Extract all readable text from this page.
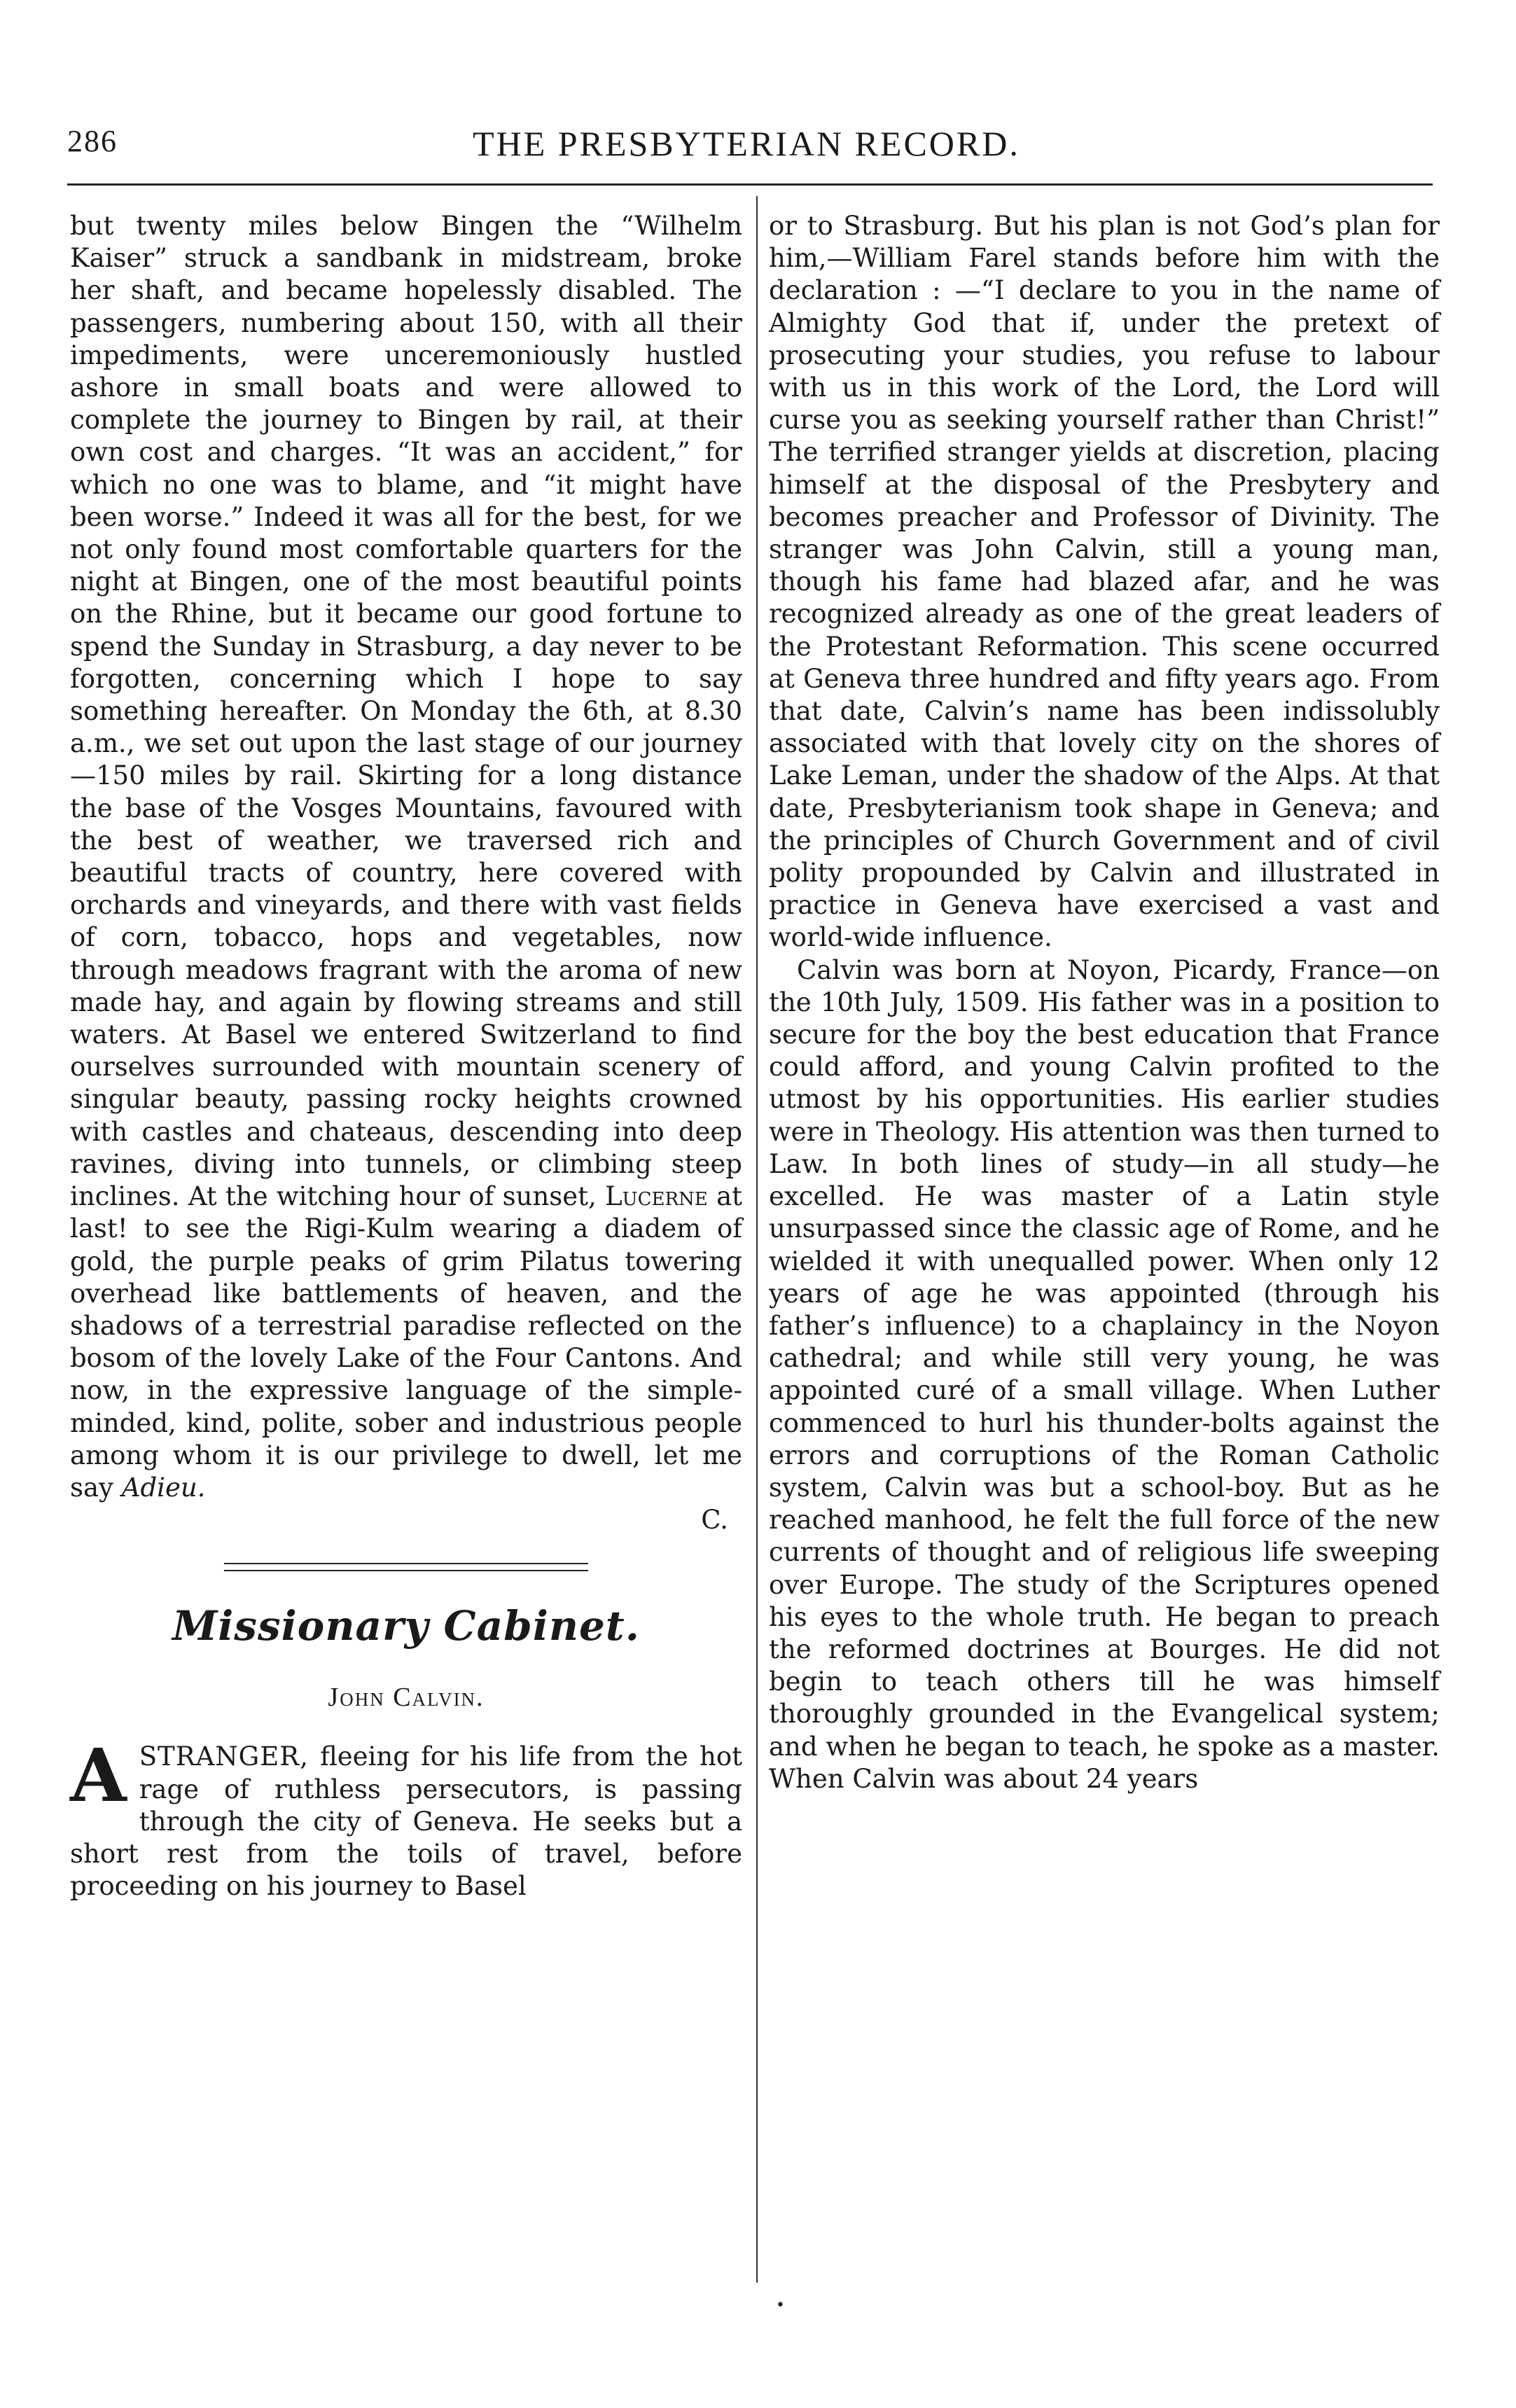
286	THE PRESBYTERIAN RECORD.

but twenty miles below Bingen the “Wilhelm Kaiser” struck a sandbank in midstream, broke her shaft, and became hopelessly disabled. The passengers, numbering about 150, with all their impediments, were unceremoniously hustled ashore in small boats and were allowed to complete the journey to Bingen by rail, at their own cost and charges. “It was an accident,” for which no one was to blame, and “it might have been worse.” Indeed it was all for the best, for we not only found most comfortable quarters for the night at Bingen, one of the most beautiful points on the Rhine, but it became our good fortune to spend the Sunday in Strasburg, a day never to be forgotten, concerning which I hope to say something hereafter. On Monday the 6th, at 8.30 a.m., we set out upon the last stage of our journey—150 miles by rail. Skirting for a long distance the base of the Vosges Mountains, favoured with the best of weather, we traversed rich and beautiful tracts of country, here covered with orchards and vineyards, and there with vast fields of corn, tobacco, hops and vegetables, now through meadows fragrant with the aroma of new made hay, and again by flowing streams and still waters. At Basel we entered Switzerland to find ourselves surrounded with mountain scenery of singular beauty, passing rocky heights crowned with castles and chateaus, descending into deep ravines, diving into tunnels, or climbing steep inclines. At the witching hour of sunset, Lucerne at last! to see the Rigi-Kulm wearing a diadem of gold, the purple peaks of grim Pilatus towering overhead like battlements of heaven, and the shadows of a terrestrial paradise reflected on the bosom of the lovely Lake of the Four Cantons. And now, in the expressive language of the simple-minded, kind, polite, sober and industrious people among whom it is our privilege to dwell, let me say Adieu.

C.

Missionary Cabinet.
John Calvin.

ASTRANGER, fleeing for his life from the hot rage of ruthless persecutors, is passing through the city of Geneva. He seeks but a short rest from the toils of travel, before proceeding on his journey to Basel

or to Strasburg. But his plan is not God’s plan for him,—William Farel stands before him with the declaration : —“I declare to you in the name of Almighty God that if, under the pretext of prosecuting your studies, you refuse to labour with us in this work of the Lord, the Lord will curse you as seeking yourself rather than Christ!” The terrified stranger yields at discretion, placing himself at the disposal of the Presbytery and becomes preacher and Professor of Divinity. The stranger was John Calvin, still a young man, though his fame had blazed afar, and he was recognized already as one of the great leaders of the Protestant Reformation. This scene occurred at Geneva three hundred and fifty years ago. From that date, Calvin’s name has been indissolubly associated with that lovely city on the shores of Lake Leman, under the shadow of the Alps. At that date, Presbyterianism took shape in Geneva; and the principles of Church Government and of civil polity propounded by Calvin and illustrated in practice in Geneva have exercised a vast and world-wide influence.

Calvin was born at Noyon, Picardy, France—on the 10th July, 1509. His father was in a position to secure for the boy the best education that France could afford, and young Calvin profited to the utmost by his opportunities. His earlier studies were in Theology. His attention was then turned to Law. In both lines of study—in all study—he excelled. He was master of a Latin style unsurpassed since the classic age of Rome, and he wielded it with unequalled power. When only 12 years of age he was appointed (through his father’s influence) to a chaplaincy in the Noyon cathedral; and while still very young, he was appointed curé of a small village. When Luther commenced to hurl his thunder-bolts against the errors and corruptions of the Roman Catholic system, Calvin was but a school-boy. But as he reached manhood, he felt the full force of the new currents of thought and of religious life sweeping over Europe. The study of the Scriptures opened his eyes to the whole truth. He began to preach the reformed doctrines at Bourges. He did not begin to teach others till he was himself thoroughly grounded in the Evangelical system; and when he began to teach, he spoke as a master. When Calvin was about 24 years

•
